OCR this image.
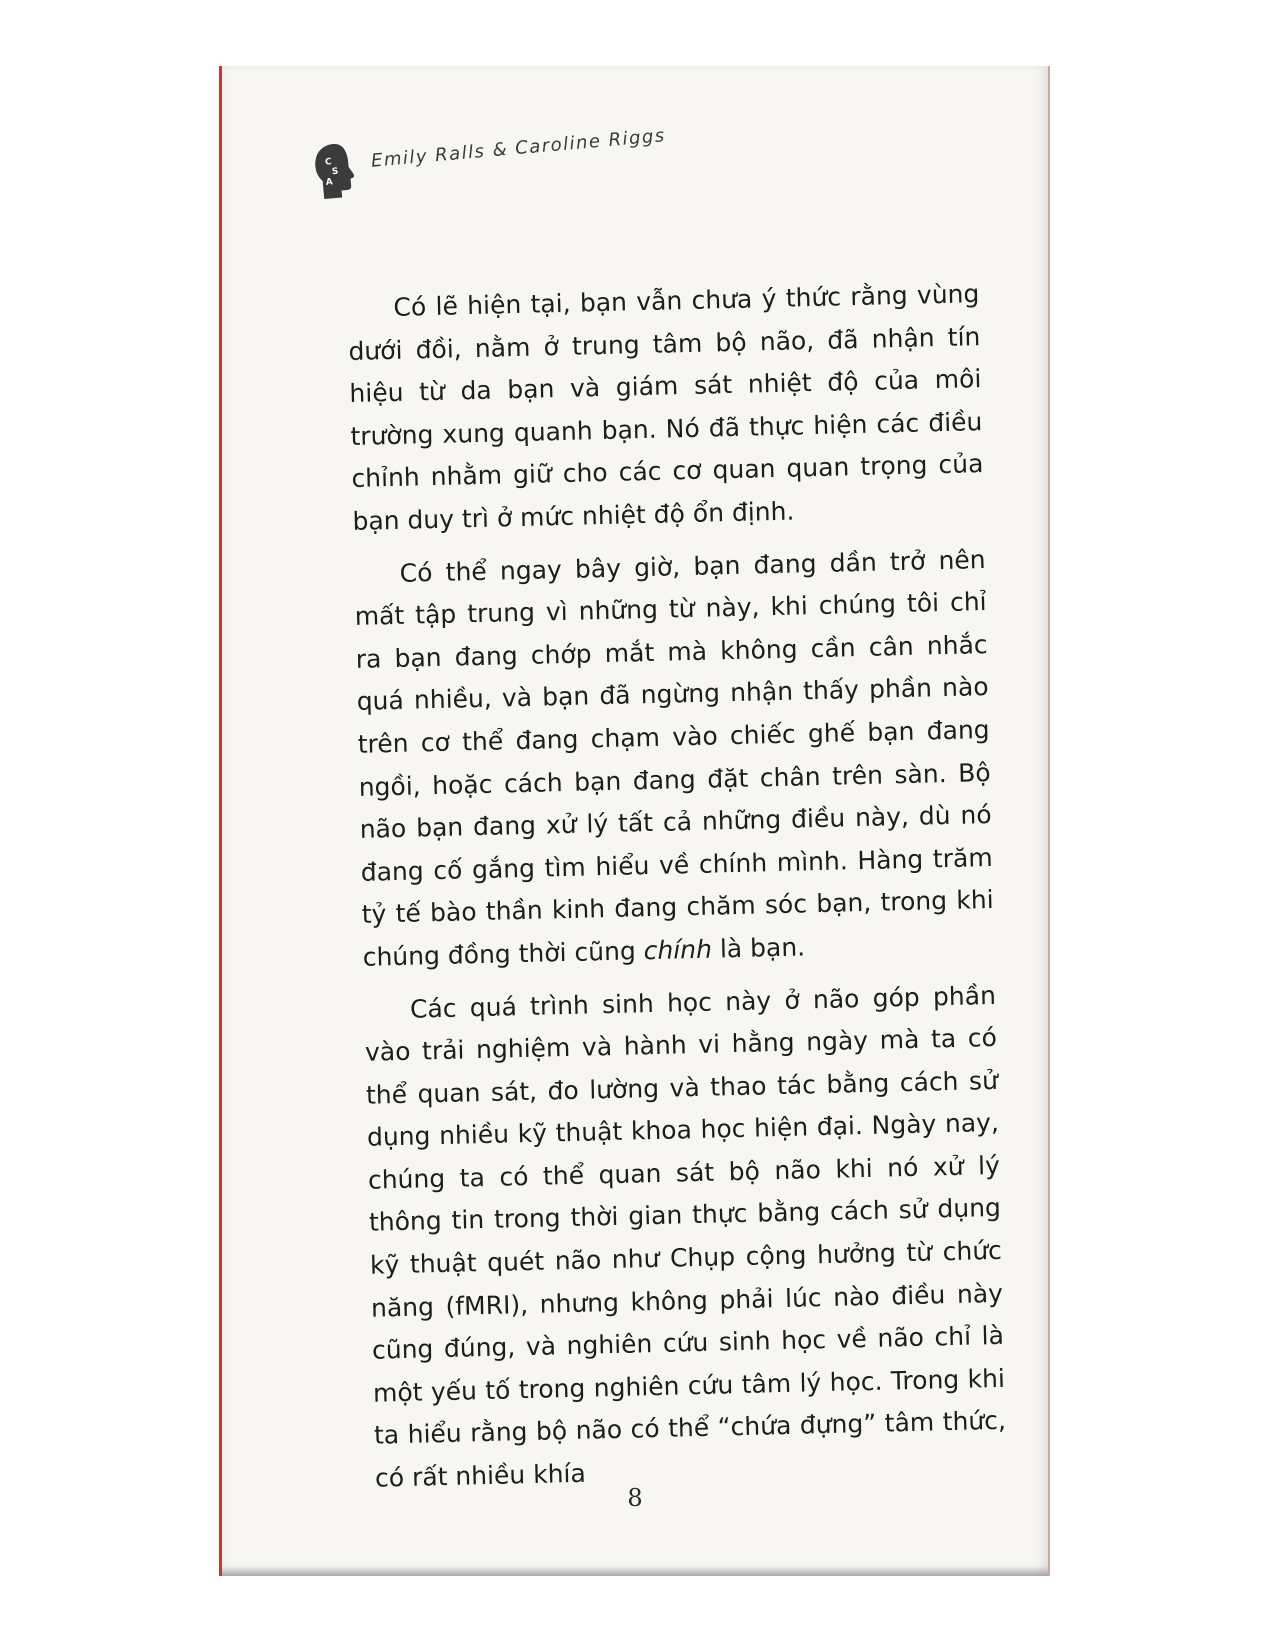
C
S
A
Emily Ralls & Caroline Riggs

Có lẽ hiện tại, bạn vẫn chưa ý thức rằng vùng dưới đồi, nằm ở trung tâm bộ não, đã nhận tín hiệu từ da bạn và giám sát nhiệt độ của môi trường xung quanh bạn. Nó đã thực hiện các điều chỉnh nhằm giữ cho các cơ quan quan trọng của bạn duy trì ở mức nhiệt độ ổn định.

Có thể ngay bây giờ, bạn đang dần trở nên mất tập trung vì những từ này, khi chúng tôi chỉ ra bạn đang chớp mắt mà không cần cân nhắc quá nhiều, và bạn đã ngừng nhận thấy phần nào trên cơ thể đang chạm vào chiếc ghế bạn đang ngồi, hoặc cách bạn đang đặt chân trên sàn. Bộ não bạn đang xử lý tất cả những điều này, dù nó đang cố gắng tìm hiểu về chính mình. Hàng trăm tỷ tế bào thần kinh đang chăm sóc bạn, trong khi chúng đồng thời cũng chính là bạn.

Các quá trình sinh học này ở não góp phần vào trải nghiệm và hành vi hằng ngày mà ta có thể quan sát, đo lường và thao tác bằng cách sử dụng nhiều kỹ thuật khoa học hiện đại. Ngày nay, chúng ta có thể quan sát bộ não khi nó xử lý thông tin trong thời gian thực bằng cách sử dụng kỹ thuật quét não như Chụp cộng hưởng từ chức năng (fMRI), nhưng không phải lúc nào điều này cũng đúng, và nghiên cứu sinh học về não chỉ là một yếu tố trong nghiên cứu tâm lý học. Trong khi ta hiểu rằng bộ não có thể “chứa đựng” tâm thức, có rất nhiều khía

8
